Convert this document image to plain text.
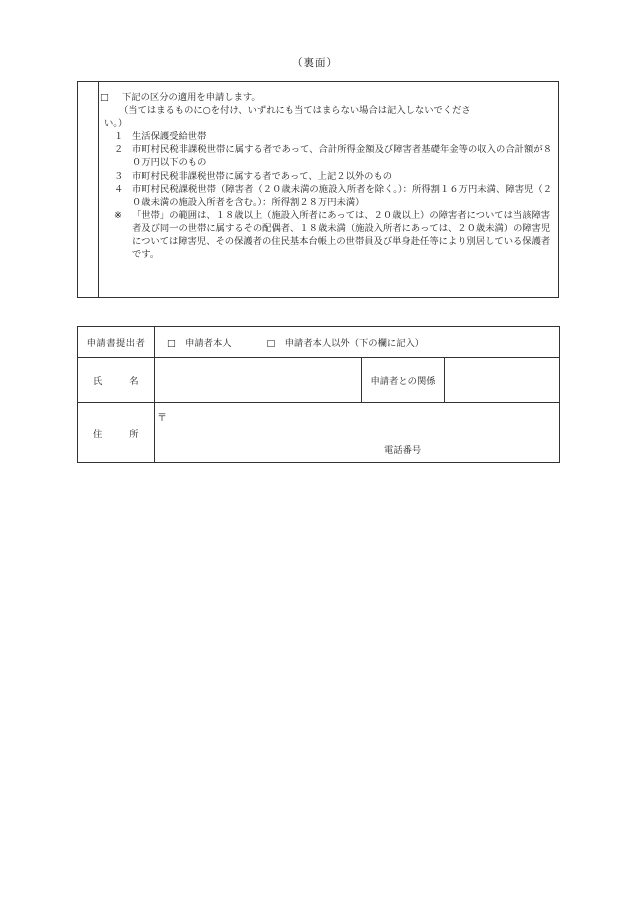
（裏面）
□	下記の区分の適用を申請します。
（当てはまるものに○を付け、いずれにも当てはまらない場合は記入しないでくださ
い。）
１ 生活保護受給世帯
２ 市町村民税非課税世帯に属する者であって、合計所得金額及び障害者基礎年金等の収入の合計額が８０万円以下のもの
３ 市町村民税非課税世帯に属する者であって、上記２以外のもの
４ 市町村民税課税世帯（障害者（２０歳未満の施設入所者を除く。）：所得割１６万円未満、障害児（２０歳未満の施設入所者を含む。）：所得割２８万円未満）
※	「世帯」の範囲は、１８歳以上（施設入所者にあっては、２０歳以上）の障害者については当該障害者及び同一の世帯に属するその配偶者、１８歳未満（施設入所者にあっては、２０歳未満）の障害児については障害児、その保護者の住民基本台帳上の世帯員及び単身赴任等により別居している保護者です。
申請書提出者	□　申請者本人 □　申請者本人以外（下の欄に記入）		

氏 名		申請者との関係	

住 所	〒
電話番号		
